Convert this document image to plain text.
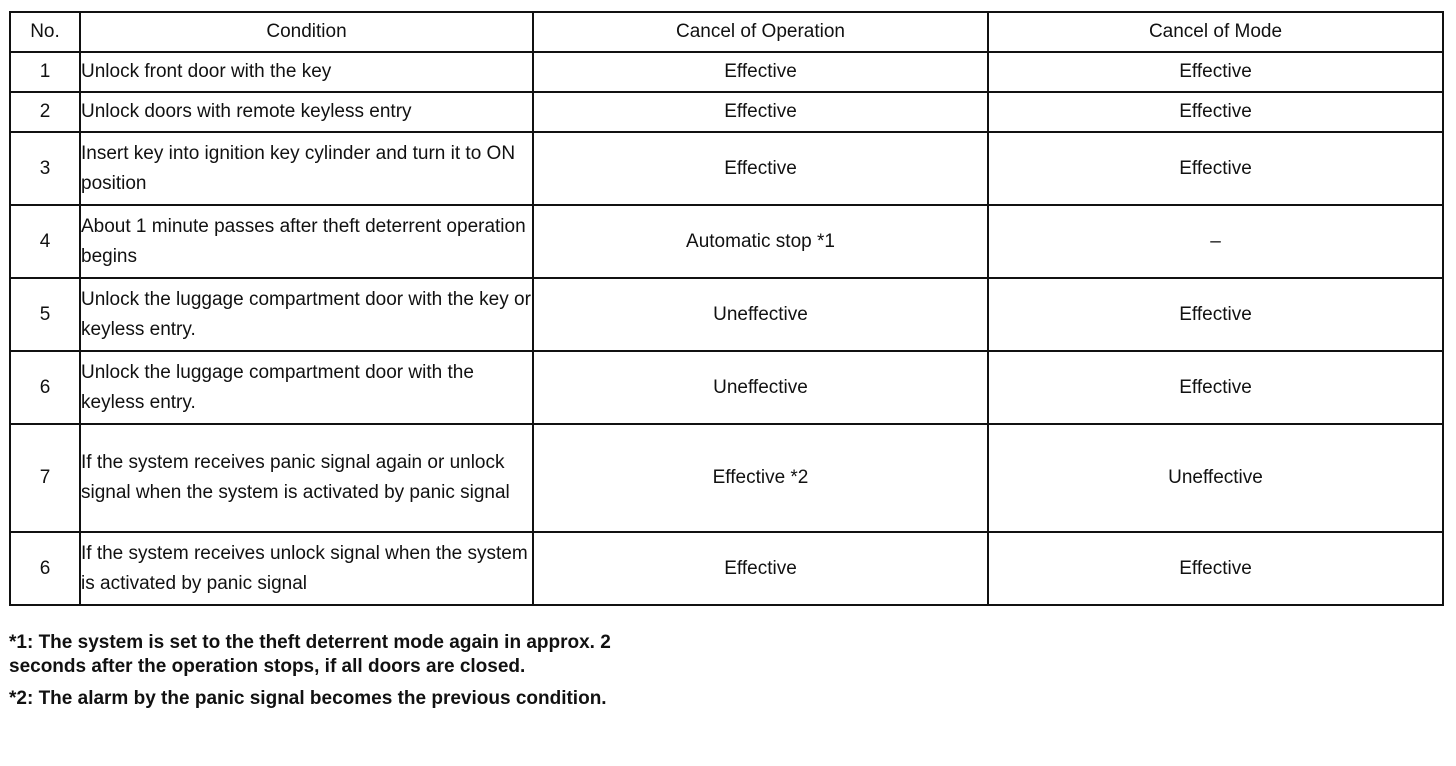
No.	Condition	Cancel of Operation	Cancel of Mode
1	Unlock front door with the key	Effective	Effective
2	Unlock doors with remote keyless entry	Effective	Effective
3	Insert key into ignition key cylinder and turn it to ON position	Effective	Effective
4	About 1 minute passes after theft deterrent operation begins	Automatic stop *1	–
5	Unlock the luggage compartment door with the key or keyless entry.	Uneffective	Effective
6	Unlock the luggage compartment door with the keyless entry.	Uneffective	Effective
7	If the system receives panic signal again or unlock signal when the system is activated by panic signal	Effective *2	Uneffective
6	If the system receives unlock signal when the system is activated by panic signal	Effective	Effective

*1: The system is set to the theft deterrent mode again in approx. 2 seconds after the operation stops, if all doors are closed.

*2: The alarm by the panic signal becomes the previous condition.
